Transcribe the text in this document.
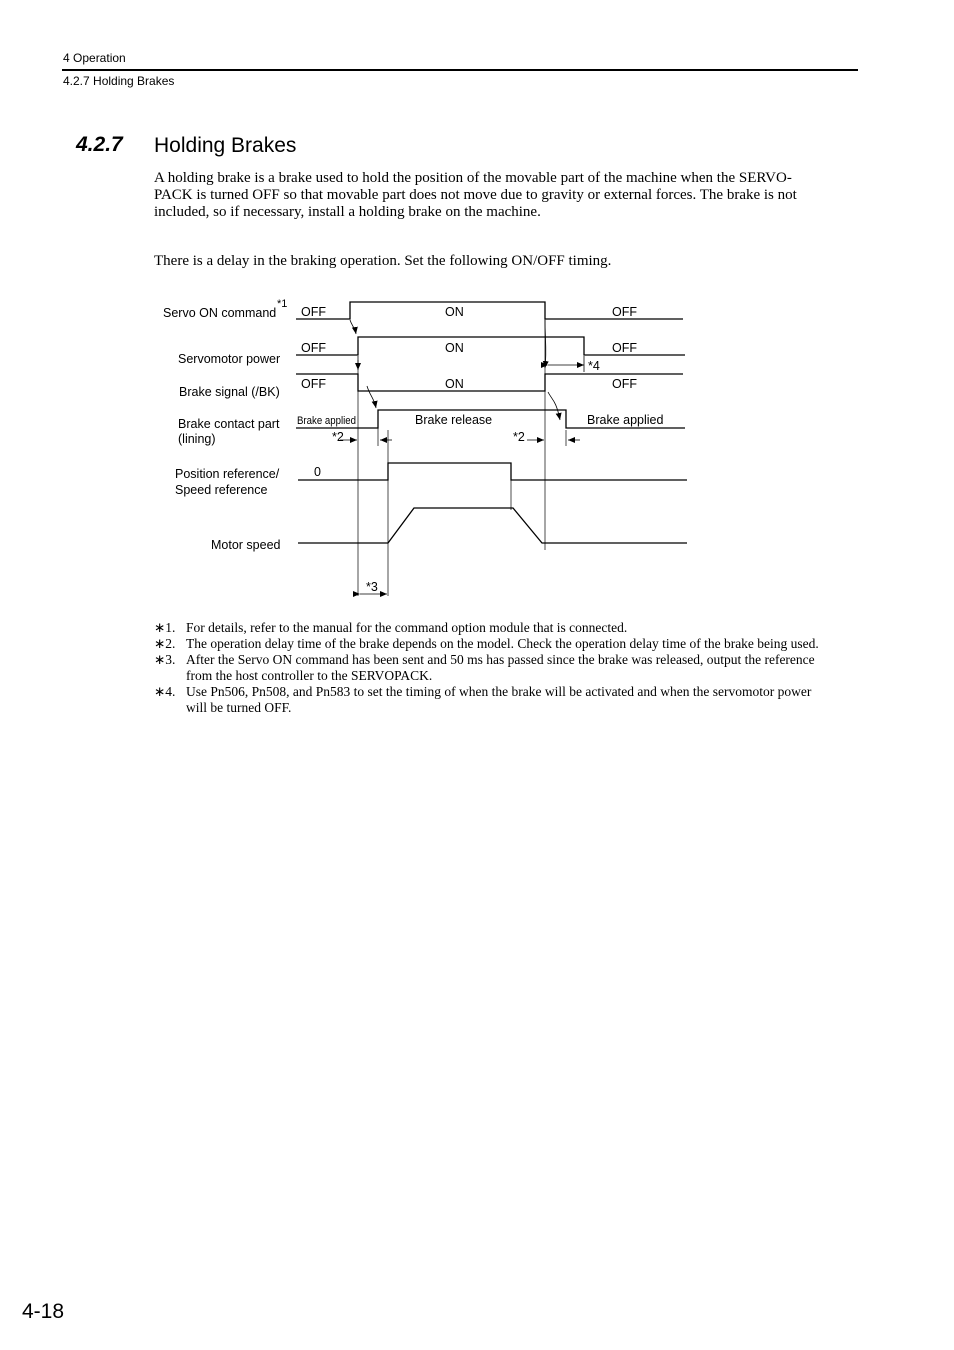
4 Operation
4.2.7 Holding Brakes
4.2.7 Holding Brakes
A holding brake is a brake used to hold the position of the movable part of the machine when the SERVO-
PACK is turned OFF so that movable part does not move due to gravity or external forces. The brake is not
included, so if necessary, install a holding brake on the machine.
There is a delay in the braking operation. Set the following ON/OFF timing.
Servo ON command
*1
Servomotor power
Brake signal (/BK)
Brake contact part
(lining)
Position reference/
Speed reference
Motor speed
OFF	ON	OFF
OFF	ON	OFF
OFF	ON	OFF
Brake applied	Brake release	Brake applied
0
*4
*2	*2
*3
∗1. For details, refer to the manual for the command option module that is connected.
∗2. The operation delay time of the brake depends on the model. Check the operation delay time of the brake being used.
∗3. After the Servo ON command has been sent and 50 ms has passed since the brake was released, output the reference
from the host controller to the SERVOPACK.
∗4. Use Pn506, Pn508, and Pn583 to set the timing of when the brake will be activated and when the servomotor power
will be turned OFF.
4-18
